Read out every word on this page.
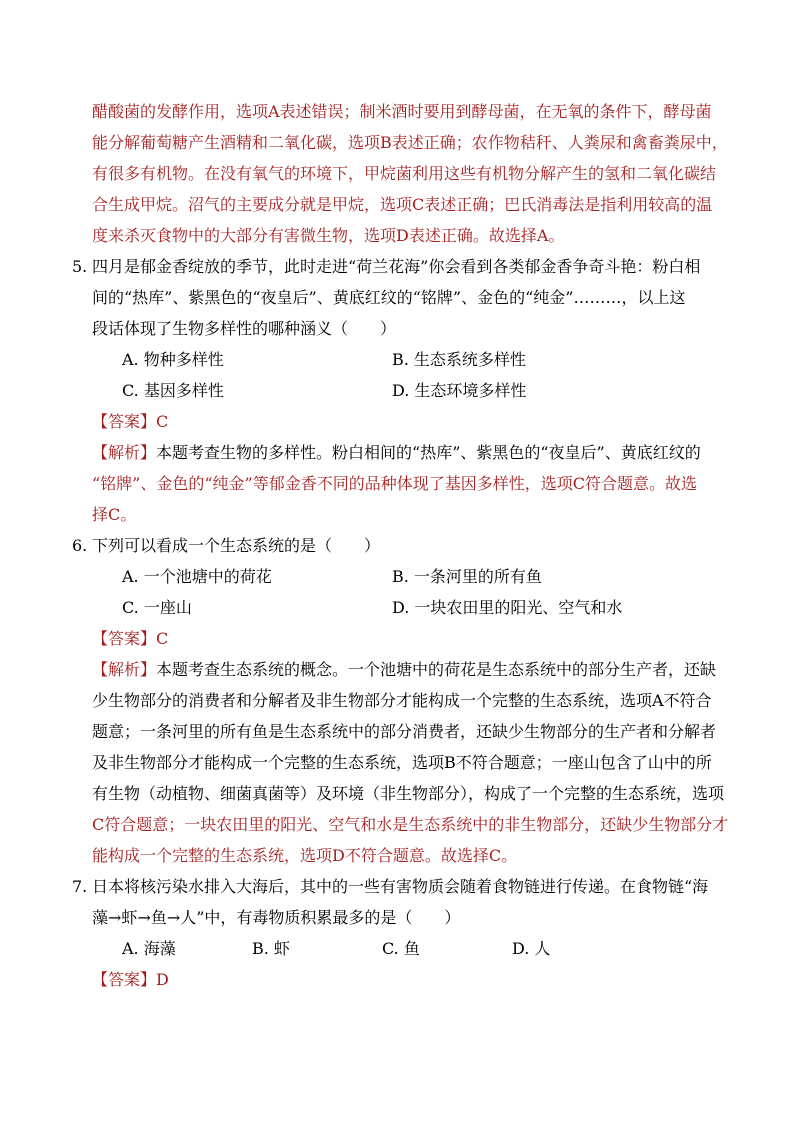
醋酸菌的发酵作用，选项A表述错误；制米酒时要用到酵母菌，在无氧的条件下，酵母菌
能分解葡萄糖产生酒精和二氧化碳，选项B表述正确；农作物秸秆、人粪尿和禽畜粪尿中，
有很多有机物。在没有氧气的环境下，甲烷菌利用这些有机物分解产生的氢和二氧化碳结
合生成甲烷。沼气的主要成分就是甲烷，选项C表述正确；巴氏消毒法是指利用较高的温
度来杀灭食物中的大部分有害微生物，选项D表述正确。故选择A。
5. 四月是郁金香绽放的季节，此时走进“荷兰花海”你会看到各类郁金香争奇斗艳：粉白相
间的“热库”、紫黑色的“夜皇后”、黄底红纹的“铭牌”、金色的“纯金”………，以上这
段话体现了生物多样性的哪种涵义（　　）
A. 物种多样性	B. 生态系统多样性
C. 基因多样性	D. 生态环境多样性
【答案】C
【解析】本题考查生物的多样性。粉白相间的“热库”、紫黑色的“夜皇后”、黄底红纹的
“铭牌”、金色的“纯金”等郁金香不同的品种体现了基因多样性，选项C符合题意。故选
择C。
6. 下列可以看成一个生态系统的是（　　）
A. 一个池塘中的荷花	B. 一条河里的所有鱼
C. 一座山	D. 一块农田里的阳光、空气和水
【答案】C
【解析】本题考查生态系统的概念。一个池塘中的荷花是生态系统中的部分生产者，还缺
少生物部分的消费者和分解者及非生物部分才能构成一个完整的生态系统，选项A不符合
题意；一条河里的所有鱼是生态系统中的部分消费者，还缺少生物部分的生产者和分解者
及非生物部分才能构成一个完整的生态系统，选项B不符合题意；一座山包含了山中的所
有生物（动植物、细菌真菌等）及环境（非生物部分），构成了一个完整的生态系统，选项
C符合题意；一块农田里的阳光、空气和水是生态系统中的非生物部分，还缺少生物部分才
能构成一个完整的生态系统，选项D不符合题意。故选择C。
7. 日本将核污染水排入大海后，其中的一些有害物质会随着食物链进行传递。在食物链“海
藻→虾→鱼→人”中，有毒物质积累最多的是（　　）
A. 海藻	B. 虾	C. 鱼	D. 人
【答案】D
